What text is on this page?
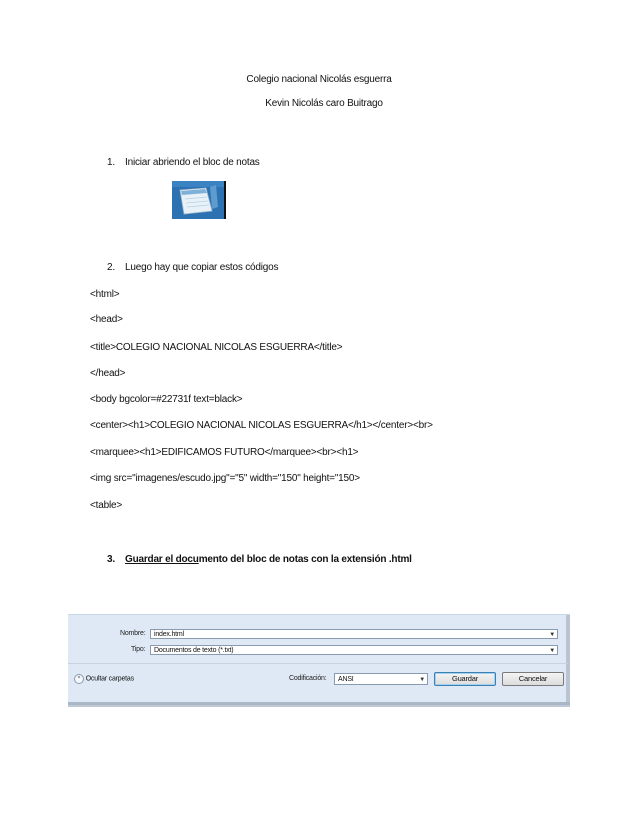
Colegio nacional Nicolás esguerra
Kevin Nicolás caro Buitrago
1. Iniciar abriendo el bloc de notas
2. Luego hay que copiar estos códigos
<html>
<head>
<title>COLEGIO NACIONAL NICOLAS ESGUERRA</title>
</head>
<body bgcolor=#22731f text=black>
<center><h1>COLEGIO NACIONAL NICOLAS ESGUERRA</h1></center><br>
<marquee><h1>EDIFICAMOS FUTURO</marquee><br><h1>
<img src="imagenes/escudo.jpg"="5" width="150" height="150>
<table>
3. Guardar el documento del bloc de notas con la extensión .html
Nombre:	index.html	▼
Tipo:	Documentos de texto (*.txt)	▼
^ Ocultar carpetas	Codificación:	ANSI	▼	Guardar	Cancelar
